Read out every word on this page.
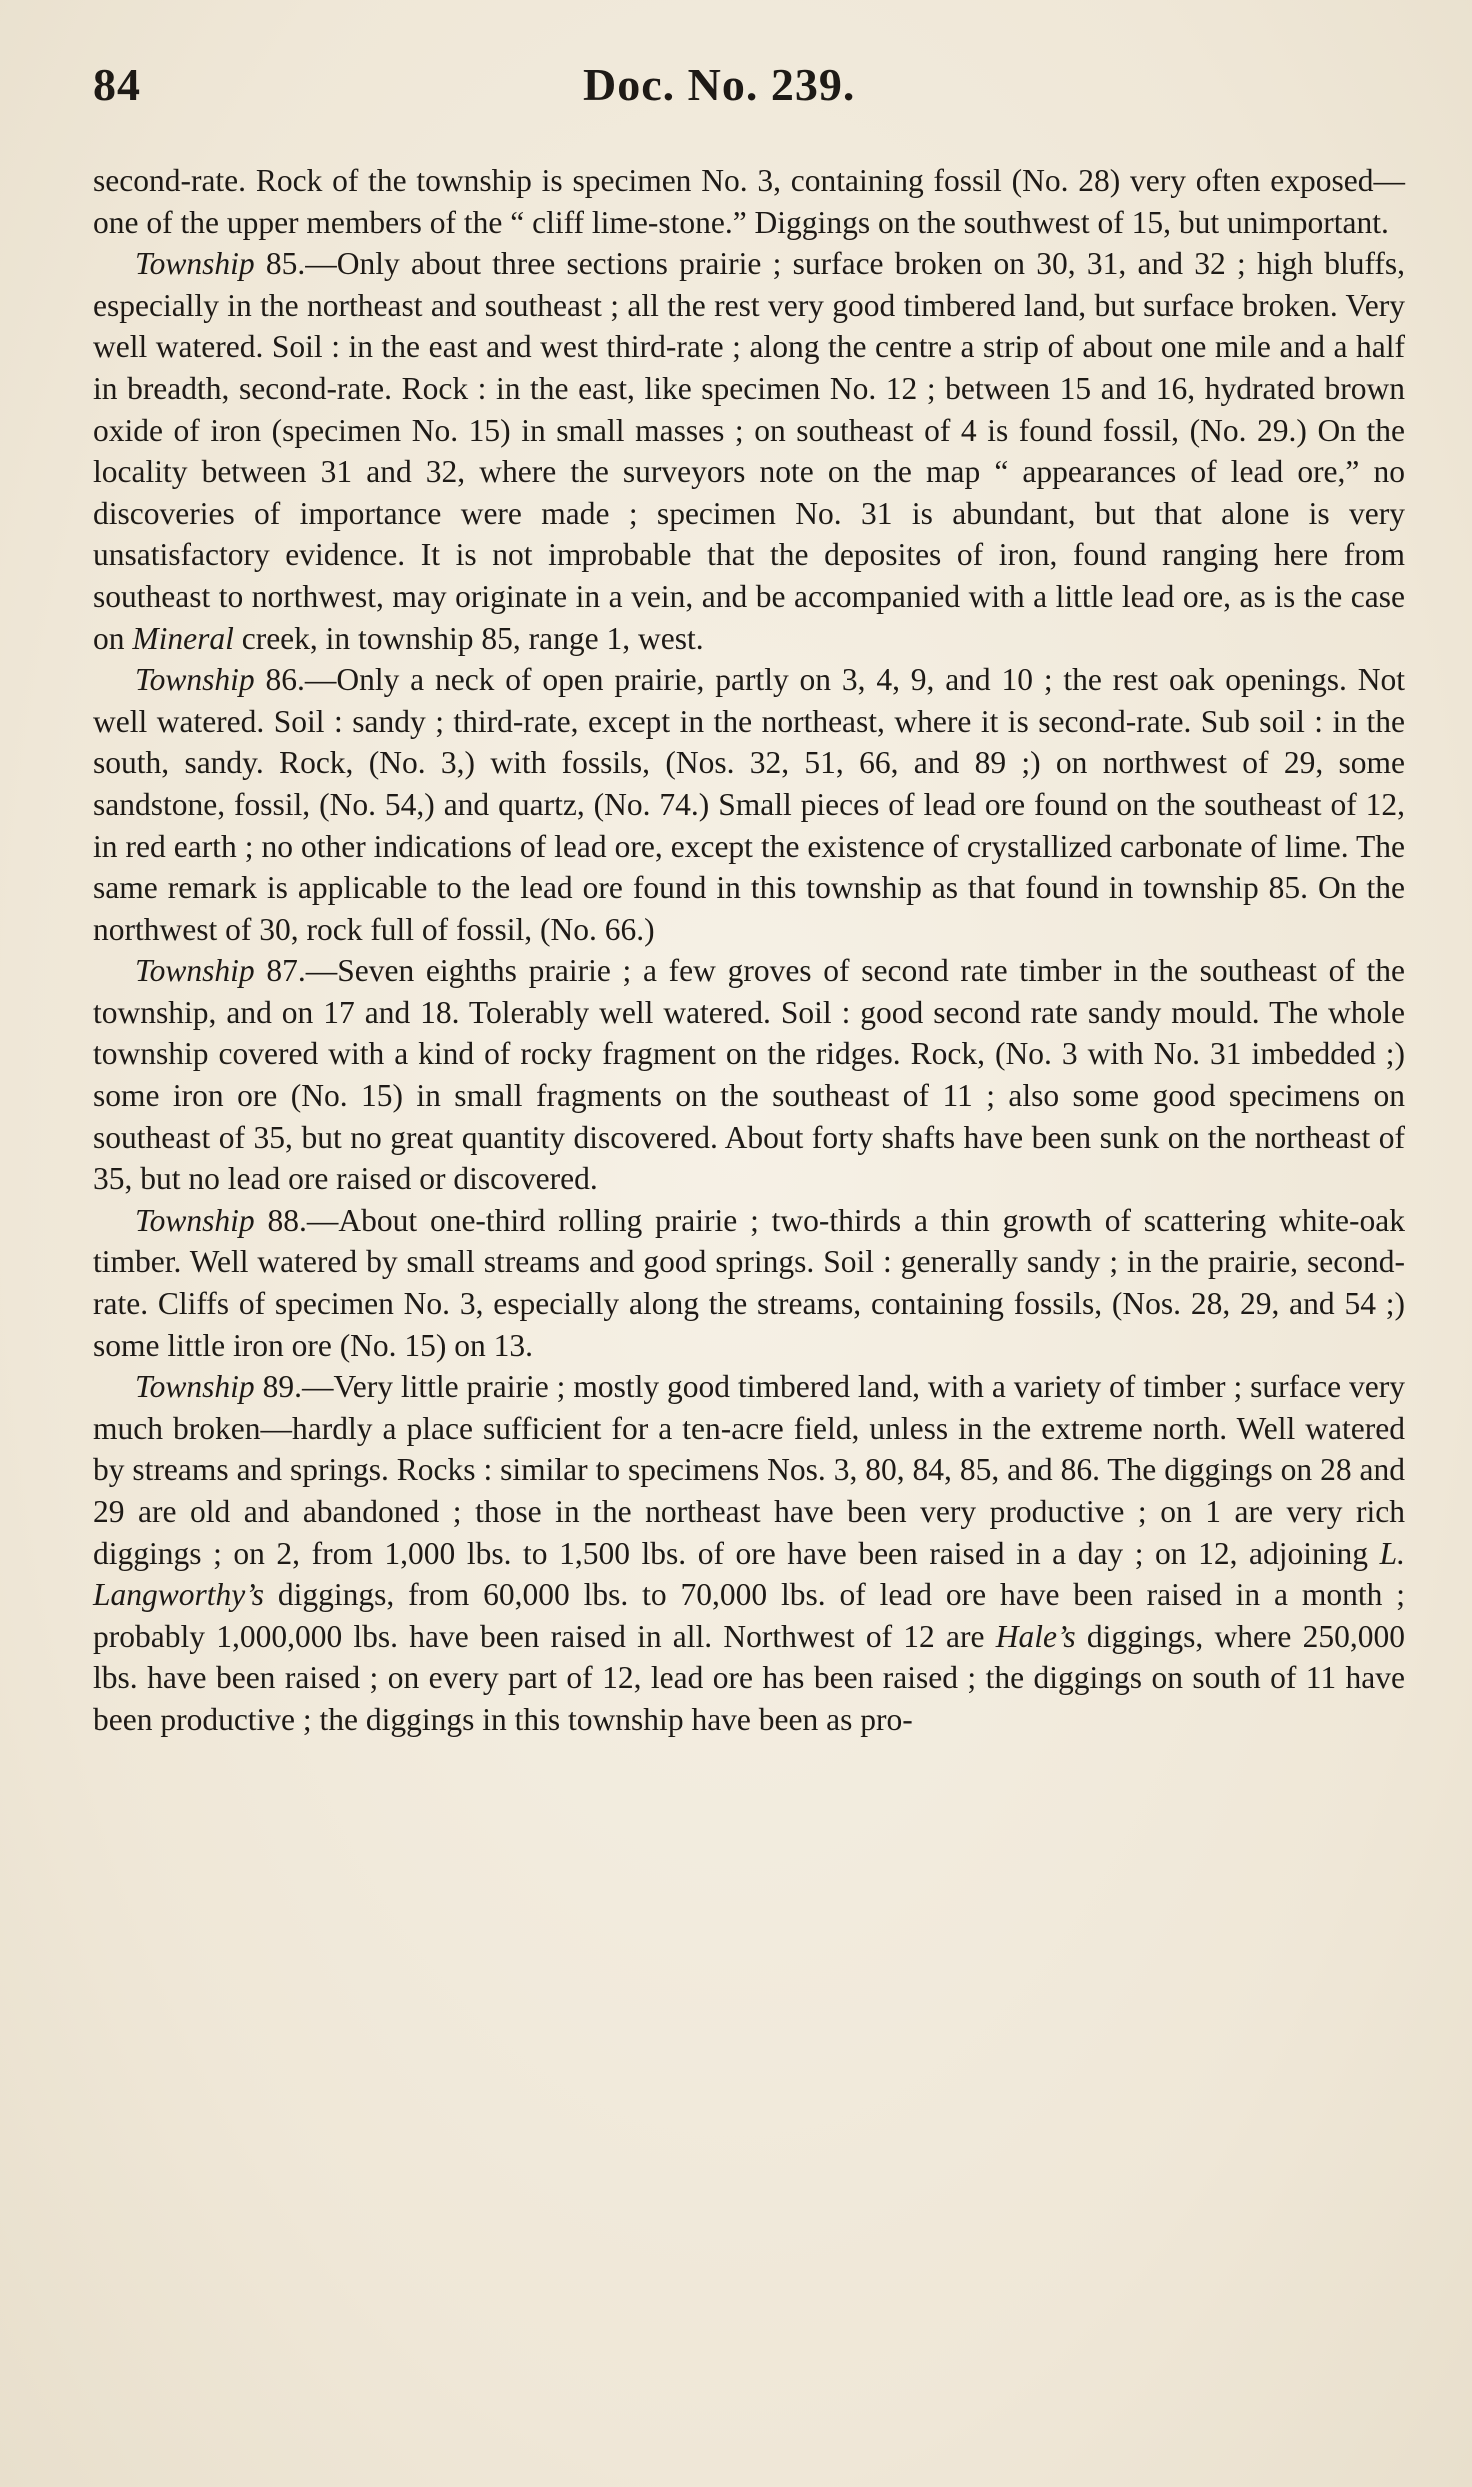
84	Doc. No. 239.

second-rate. Rock of the township is specimen No. 3, containing fossil (No. 28) very often exposed—one of the upper members of the “ cliff lime-stone.” Diggings on the southwest of 15, but unimportant.

Township 85.—Only about three sections prairie ; surface broken on 30, 31, and 32 ; high bluffs, especially in the northeast and southeast ; all the rest very good timbered land, but surface broken. Very well watered. Soil : in the east and west third-rate ; along the centre a strip of about one mile and a half in breadth, second-rate. Rock : in the east, like specimen No. 12 ; between 15 and 16, hydrated brown oxide of iron (specimen No. 15) in small masses ; on southeast of 4 is found fossil, (No. 29.) On the locality between 31 and 32, where the surveyors note on the map “ appearances of lead ore,” no discoveries of importance were made ; specimen No. 31 is abundant, but that alone is very unsatisfactory evidence. It is not improbable that the deposites of iron, found ranging here from southeast to northwest, may originate in a vein, and be accompanied with a little lead ore, as is the case on Mineral creek, in township 85, range 1, west.

Township 86.—Only a neck of open prairie, partly on 3, 4, 9, and 10 ; the rest oak openings. Not well watered. Soil : sandy ; third-rate, except in the northeast, where it is second-rate. Sub soil : in the south, sandy. Rock, (No. 3,) with fossils, (Nos. 32, 51, 66, and 89 ;) on northwest of 29, some sandstone, fossil, (No. 54,) and quartz, (No. 74.) Small pieces of lead ore found on the southeast of 12, in red earth ; no other indications of lead ore, except the existence of crystallized carbonate of lime. The same remark is applicable to the lead ore found in this township as that found in township 85. On the northwest of 30, rock full of fossil, (No. 66.)

Township 87.—Seven eighths prairie ; a few groves of second rate timber in the southeast of the township, and on 17 and 18. Tolerably well watered. Soil : good second rate sandy mould. The whole township covered with a kind of rocky fragment on the ridges. Rock, (No. 3 with No. 31 imbedded ;) some iron ore (No. 15) in small fragments on the southeast of 11 ; also some good specimens on southeast of 35, but no great quantity discovered. About forty shafts have been sunk on the northeast of 35, but no lead ore raised or discovered.

Township 88.—About one-third rolling prairie ; two-thirds a thin growth of scattering white-oak timber. Well watered by small streams and good springs. Soil : generally sandy ; in the prairie, second-rate. Cliffs of specimen No. 3, especially along the streams, containing fossils, (Nos. 28, 29, and 54 ;) some little iron ore (No. 15) on 13.

Township 89.—Very little prairie ; mostly good timbered land, with a variety of timber ; surface very much broken—hardly a place sufficient for a ten-acre field, unless in the extreme north. Well watered by streams and springs. Rocks : similar to specimens Nos. 3, 80, 84, 85, and 86. The diggings on 28 and 29 are old and abandoned ; those in the northeast have been very productive ; on 1 are very rich diggings ; on 2, from 1,000 lbs. to 1,500 lbs. of ore have been raised in a day ; on 12, adjoining L. Langworthy’s diggings, from 60,000 lbs. to 70,000 lbs. of lead ore have been raised in a month ; probably 1,000,000 lbs. have been raised in all. Northwest of 12 are Hale’s diggings, where 250,000 lbs. have been raised ; on every part of 12, lead ore has been raised ; the diggings on south of 11 have been productive ; the diggings in this township have been as pro-
